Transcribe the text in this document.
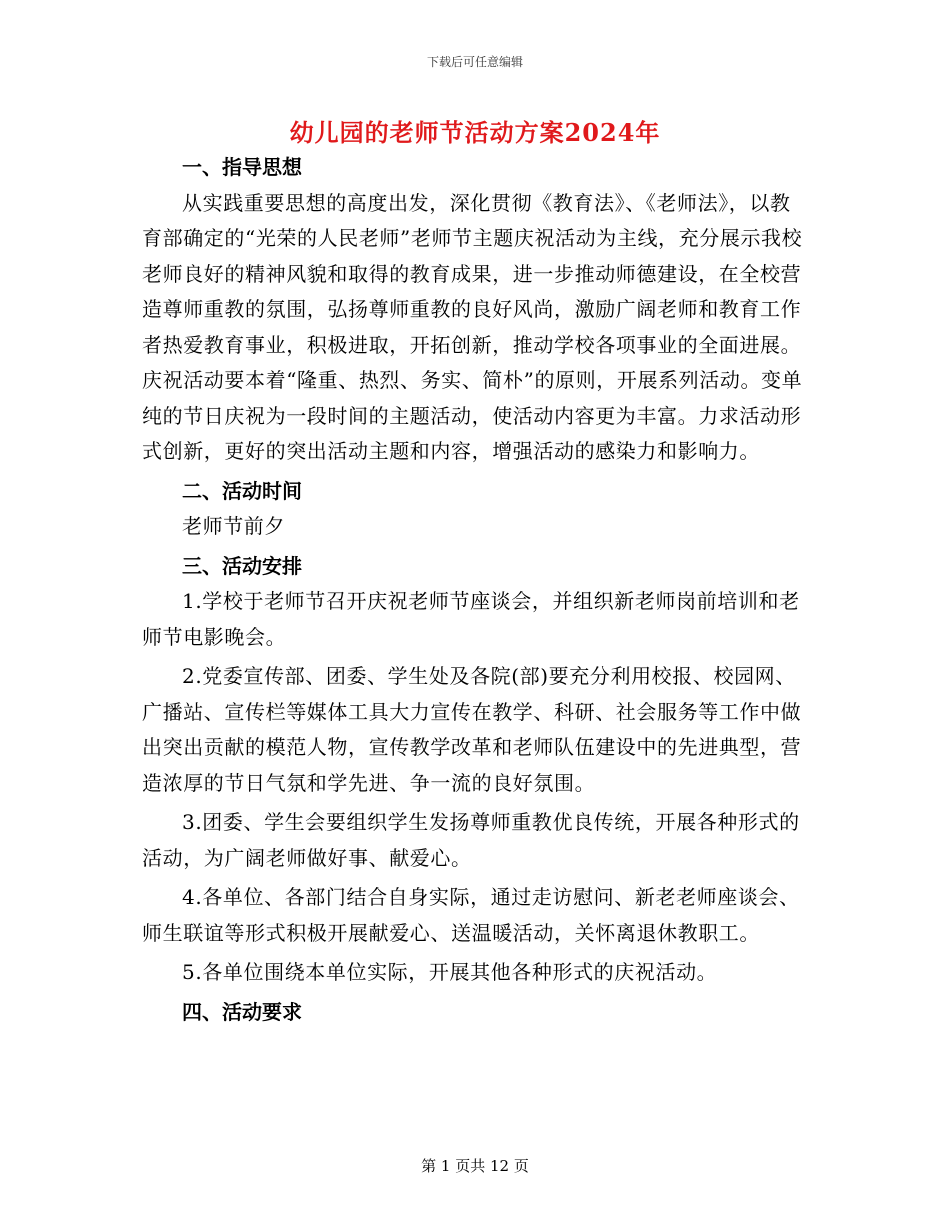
下载后可任意编辑
幼儿园的老师节活动方案2024年

一、指导思想

从实践重要思想的高度出发，深化贯彻《教育法》、《老师法》，以教育部确定的“光荣的人民老师”老师节主题庆祝活动为主线，充分展示我校老师良好的精神风貌和取得的教育成果，进一步推动师德建设，在全校营造尊师重教的氛围，弘扬尊师重教的良好风尚，激励广阔老师和教育工作者热爱教育事业，积极进取，开拓创新，推动学校各项事业的全面进展。庆祝活动要本着“隆重、热烈、务实、简朴”的原则，开展系列活动。变单纯的节日庆祝为一段时间的主题活动，使活动内容更为丰富。力求活动形式创新，更好的突出活动主题和内容，增强活动的感染力和影响力。

二、活动时间

老师节前夕

三、活动安排

1.学校于老师节召开庆祝老师节座谈会，并组织新老师岗前培训和老师节电影晚会。

2.党委宣传部、团委、学生处及各院(部)要充分利用校报、校园网、广播站、宣传栏等媒体工具大力宣传在教学、科研、社会服务等工作中做出突出贡献的模范人物，宣传教学改革和老师队伍建设中的先进典型，营造浓厚的节日气氛和学先进、争一流的良好氛围。

3.团委、学生会要组织学生发扬尊师重教优良传统，开展各种形式的活动，为广阔老师做好事、献爱心。

4.各单位、各部门结合自身实际，通过走访慰问、新老老师座谈会、师生联谊等形式积极开展献爱心、送温暖活动，关怀离退休教职工。

5.各单位围绕本单位实际，开展其他各种形式的庆祝活动。

四、活动要求

第 1 页共 12 页
